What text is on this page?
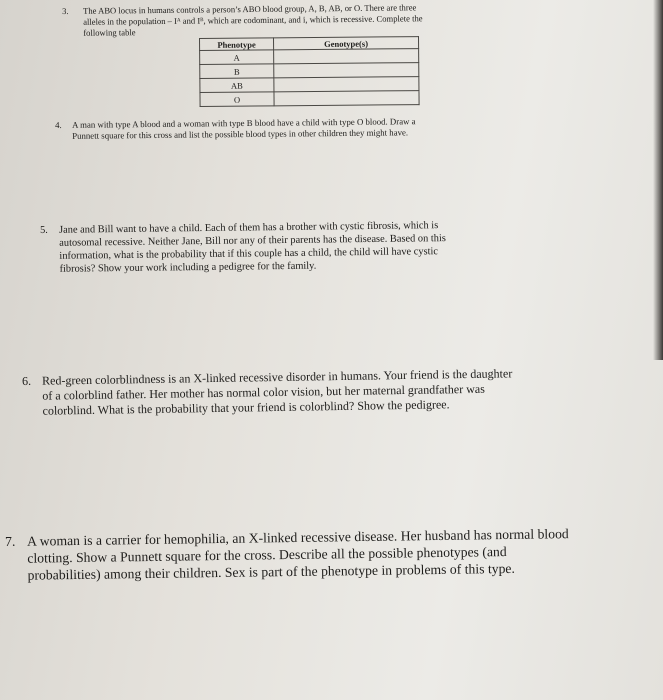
3. The ABO locus in humans controls a person’s ABO blood group, A, B, AB, or O. There are three
alleles in the population – Iᴬ and Iᴮ, which are codominant, and i, which is recessive. Complete the
following table
Phenotype	Genotype(s)
A	
B	
AB	
O	
4. A man with type A blood and a woman with type B blood have a child with type O blood. Draw a
Punnett square for this cross and list the possible blood types in other children they might have.
5. Jane and Bill want to have a child. Each of them has a brother with cystic fibrosis, which is
autosomal recessive. Neither Jane, Bill nor any of their parents has the disease. Based on this
information, what is the probability that if this couple has a child, the child will have cystic
fibrosis? Show your work including a pedigree for the family.
6. Red-green colorblindness is an X-linked recessive disorder in humans. Your friend is the daughter
of a colorblind father. Her mother has normal color vision, but her maternal grandfather was
colorblind. What is the probability that your friend is colorblind? Show the pedigree.
7. A woman is a carrier for hemophilia, an X-linked recessive disease. Her husband has normal blood
clotting. Show a Punnett square for the cross. Describe all the possible phenotypes (and
probabilities) among their children. Sex is part of the phenotype in problems of this type.
